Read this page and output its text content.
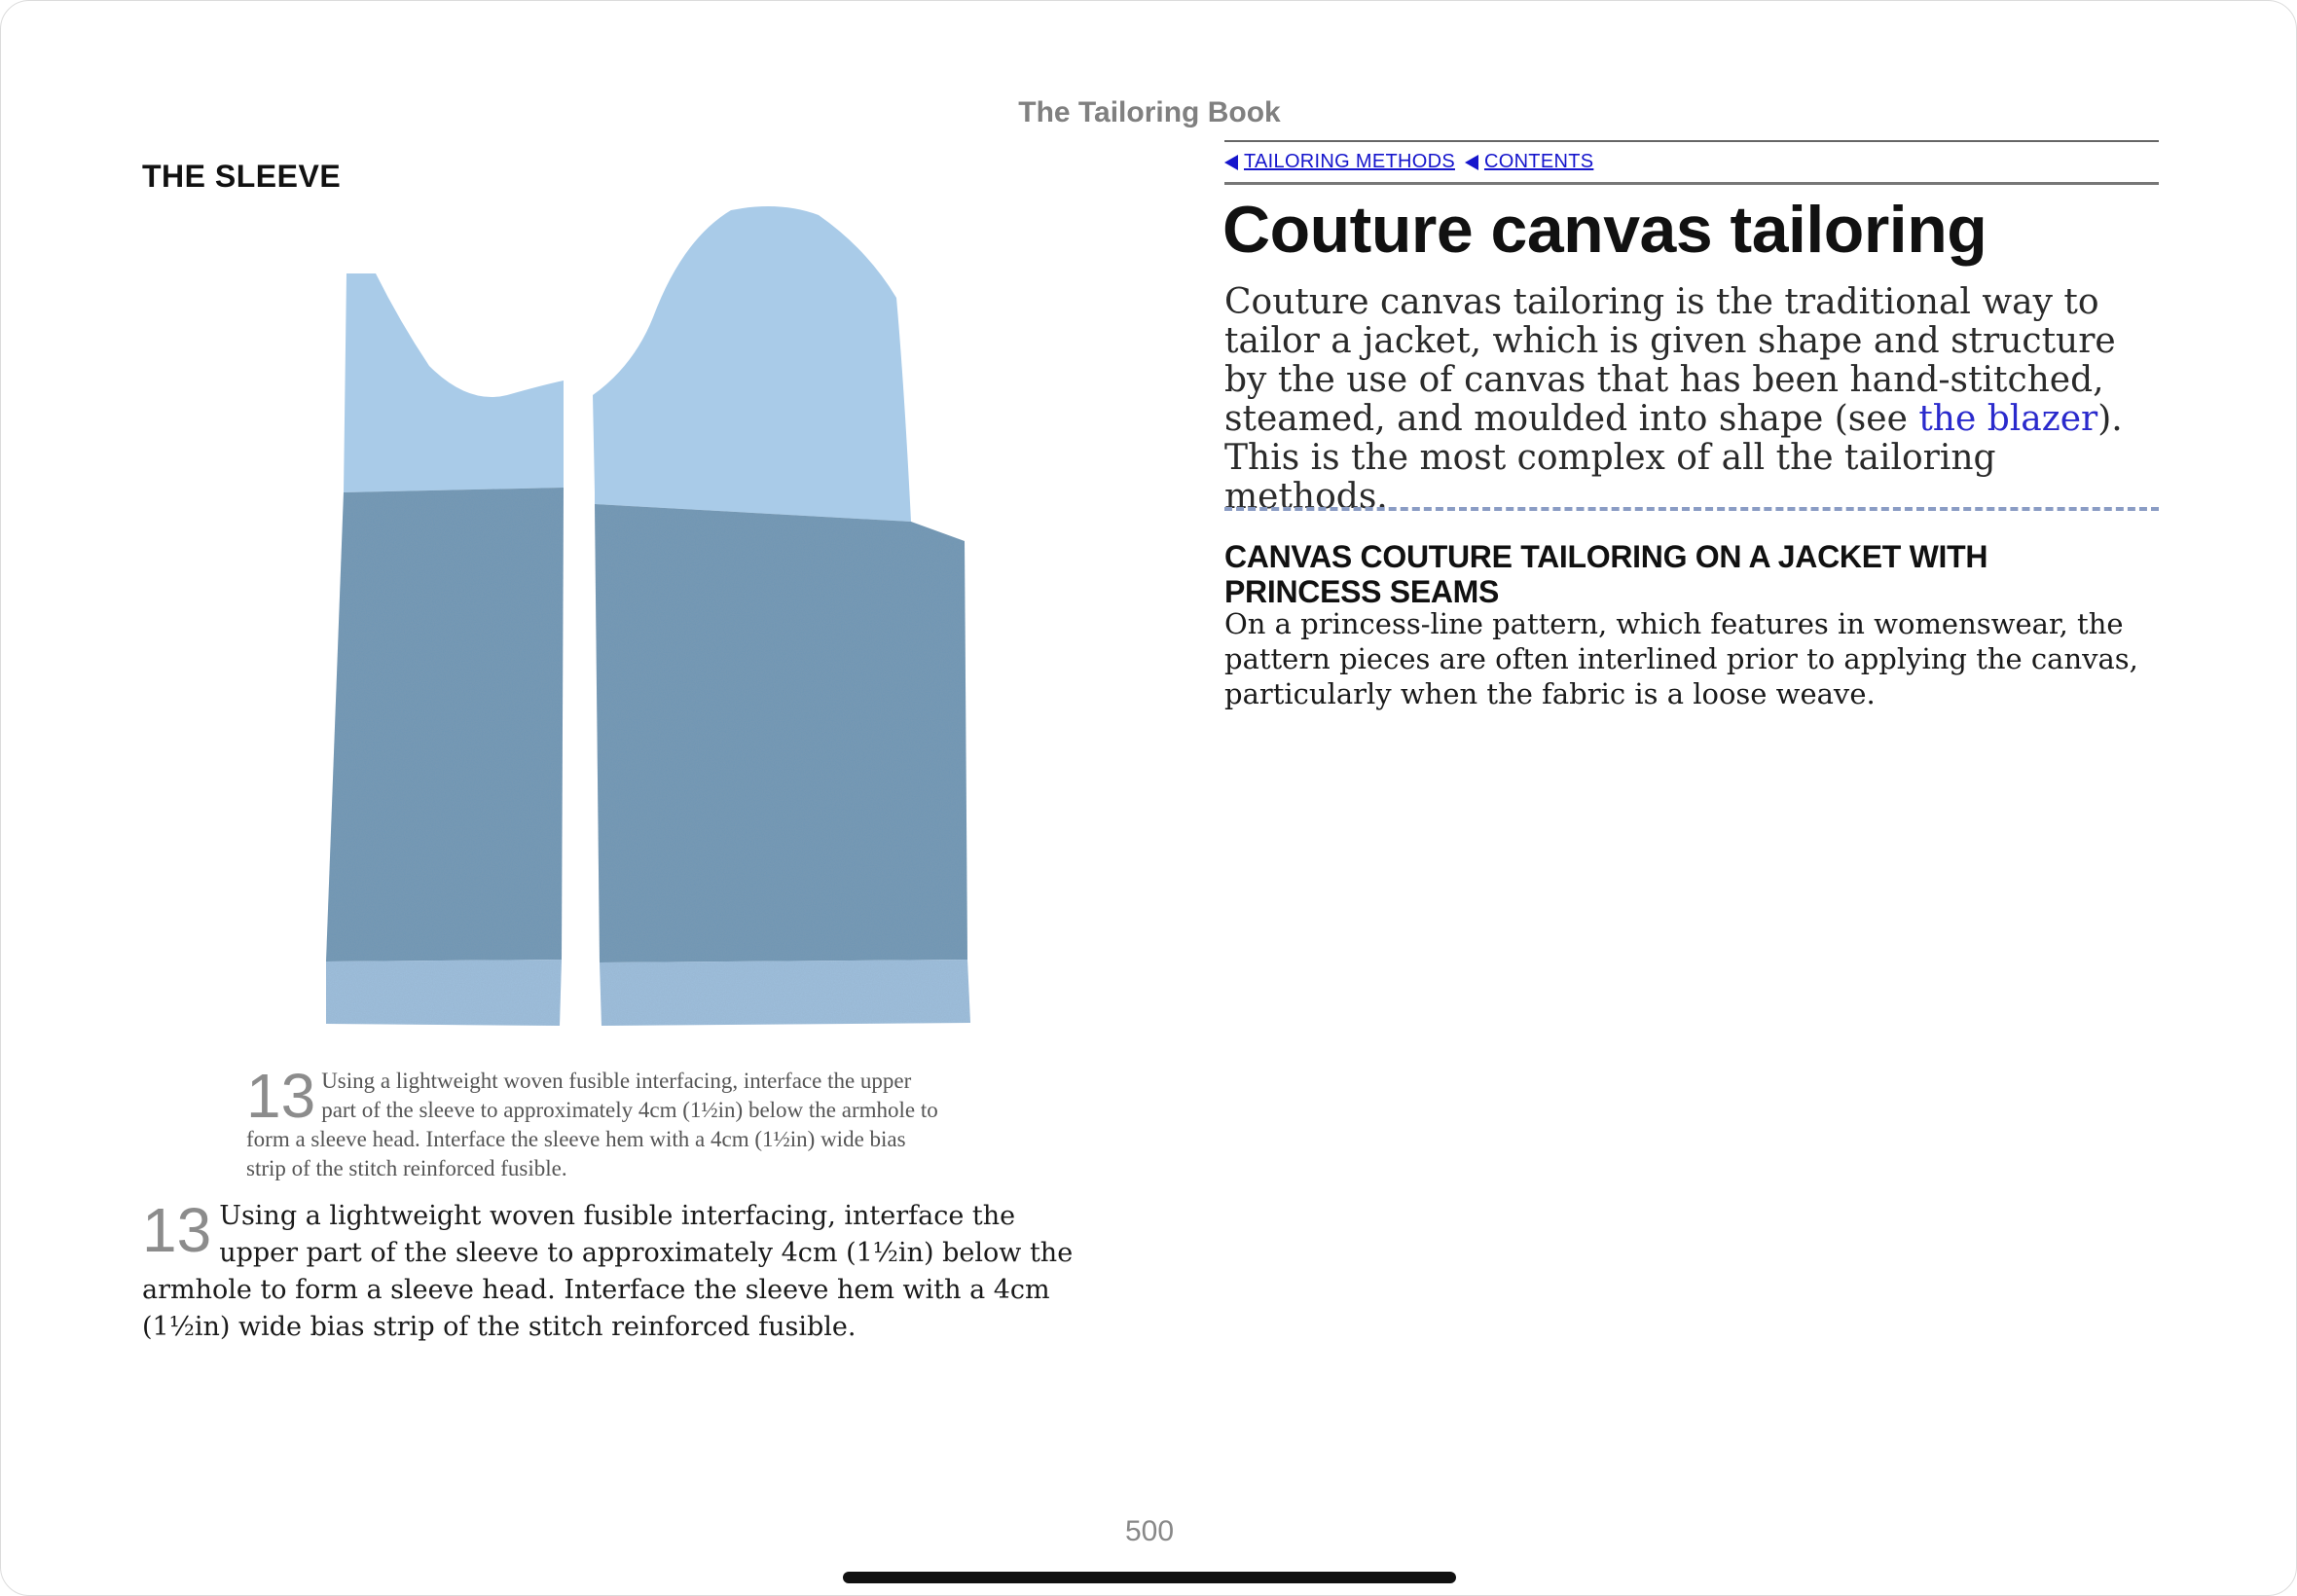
The Tailoring Book
THE SLEEVE
13 Using a lightweight woven fusible interfacing, interface the upper part of the sleeve to approximately 4cm (1½in) below the armhole to form a sleeve head. Interface the sleeve hem with a 4cm (1½in) wide bias strip of the stitch reinforced fusible.
13 Using a lightweight woven fusible interfacing, interface the upper part of the sleeve to approximately 4cm (1½in) below the armhole to form a sleeve head. Interface the sleeve hem with a 4cm (1½in) wide bias strip of the stitch reinforced fusible.
TAILORING METHODS CONTENTS
Couture canvas tailoring
Couture canvas tailoring is the traditional way to tailor a jacket, which is given shape and structure by the use of canvas that has been hand-stitched, steamed, and moulded into shape (see the blazer). This is the most complex of all the tailoring methods.
CANVAS COUTURE TAILORING ON A JACKET WITH PRINCESS SEAMS
On a princess-line pattern, which features in womenswear, the pattern pieces are often interlined prior to applying the canvas, particularly when the fabric is a loose weave.
500
